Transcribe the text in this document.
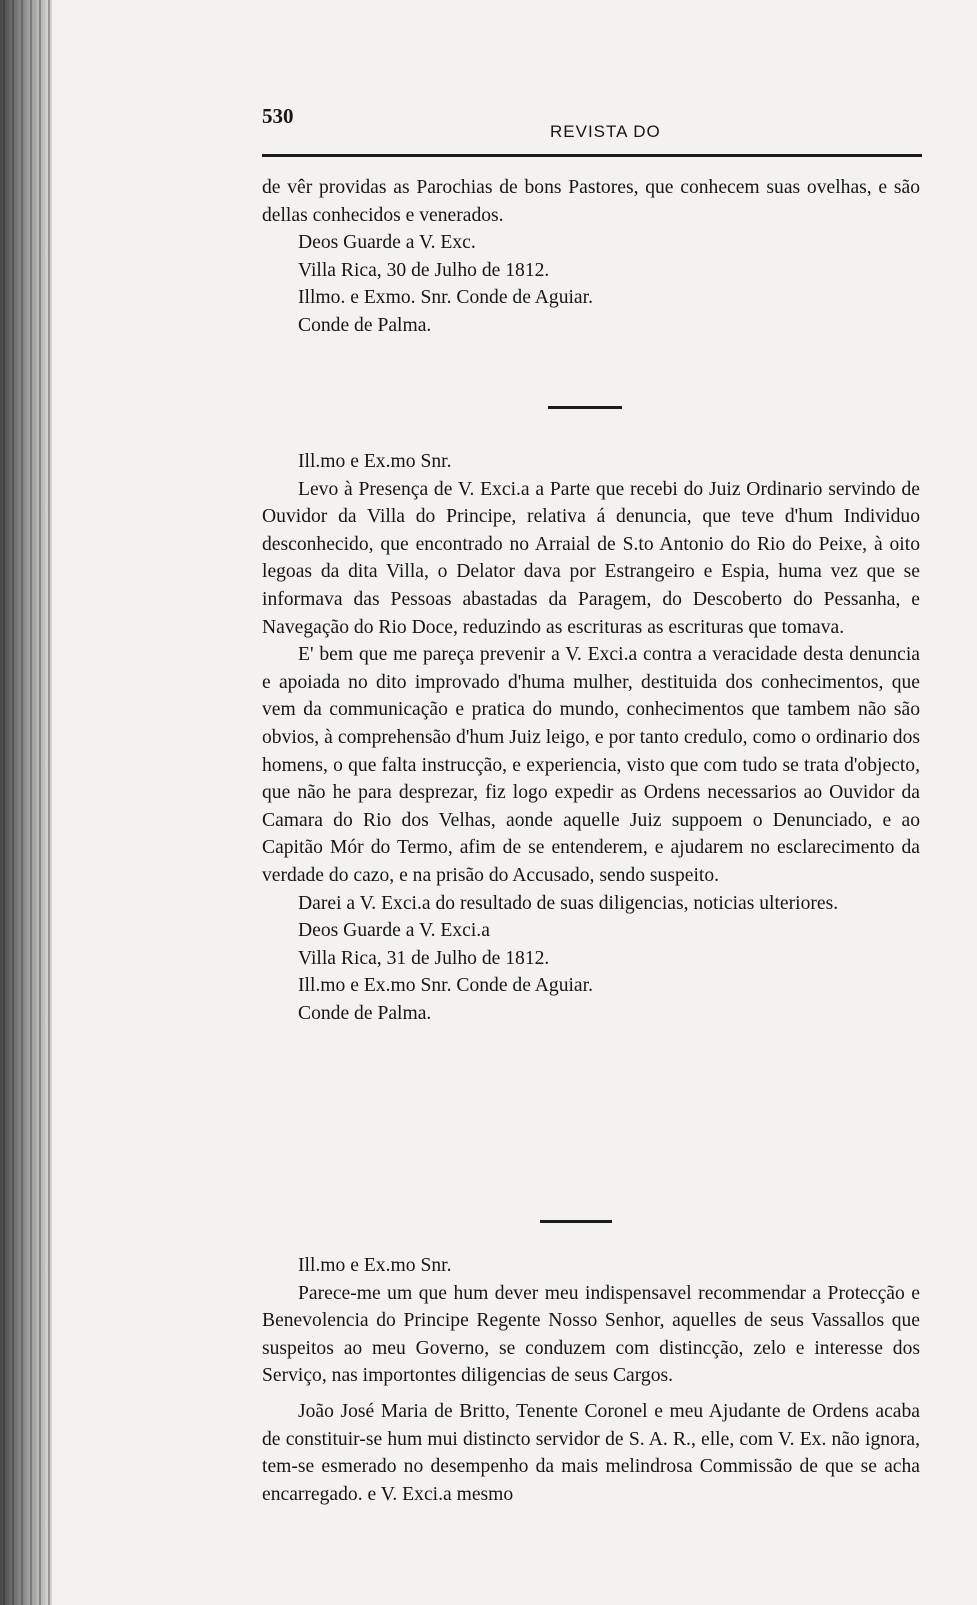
530
REVISTA DO

de vêr providas as Parochias de bons Pastores, que conhecem suas ovelhas, e são dellas conhecidos e venerados.

Deos Guarde a V. Exc.

Villa Rica, 30 de Julho de 1812.

Illmo. e Exmo. Snr. Conde de Aguiar.

Conde de Palma.

Ill.mo e Ex.mo Snr.

Levo à Presença de V. Exci.a a Parte que recebi do Juiz Ordinario servindo de Ouvidor da Villa do Principe, relativa á denuncia, que teve d'hum Individuo desconhecido, que encontrado no Arraial de S.to Antonio do Rio do Peixe, à oito legoas da dita Villa, o Delator dava por Estrangeiro e Espia, huma vez que se informava das Pessoas abastadas da Paragem, do Descoberto do Pessanha, e Navegação do Rio Doce, reduzindo as escrituras as escrituras que tomava.

E' bem que me pareça prevenir a V. Exci.a contra a veracidade desta denuncia e apoiada no dito improvado d'huma mulher, destituida dos conhecimentos, que vem da communicação e pratica do mundo, conhecimentos que tambem não são obvios, à comprehensão d'hum Juiz leigo, e por tanto credulo, como o ordinario dos homens, o que falta instrucção, e experiencia, visto que com tudo se trata d'objecto, que não he para desprezar, fiz logo expedir as Ordens necessarios ao Ouvidor da Camara do Rio dos Velhas, aonde aquelle Juiz suppoem o Denunciado, e ao Capitão Mór do Termo, afim de se entenderem, e ajudarem no esclarecimento da verdade do cazo, e na prisão do Accusado, sendo suspeito.

Darei a V. Exci.a do resultado de suas diligencias, noticias ulteriores.

Deos Guarde a V. Exci.a

Villa Rica, 31 de Julho de 1812.

Ill.mo e Ex.mo Snr. Conde de Aguiar.

Conde de Palma.

Ill.mo e Ex.mo Snr.

Parece-me um que hum dever meu indispensavel recommendar a Protecção e Benevolencia do Principe Regente Nosso Senhor, aquelles de seus Vassallos que suspeitos ao meu Governo, se conduzem com distincção, zelo e interesse dos Serviço, nas importontes diligencias de seus Cargos.

João José Maria de Britto, Tenente Coronel e meu Ajudante de Ordens acaba de constituir-se hum mui distincto servidor de S. A. R., elle, com V. Ex. não ignora, tem-se esmerado no desempenho da mais melindrosa Commissão de que se acha encarregado. e V. Exci.a mesmo
